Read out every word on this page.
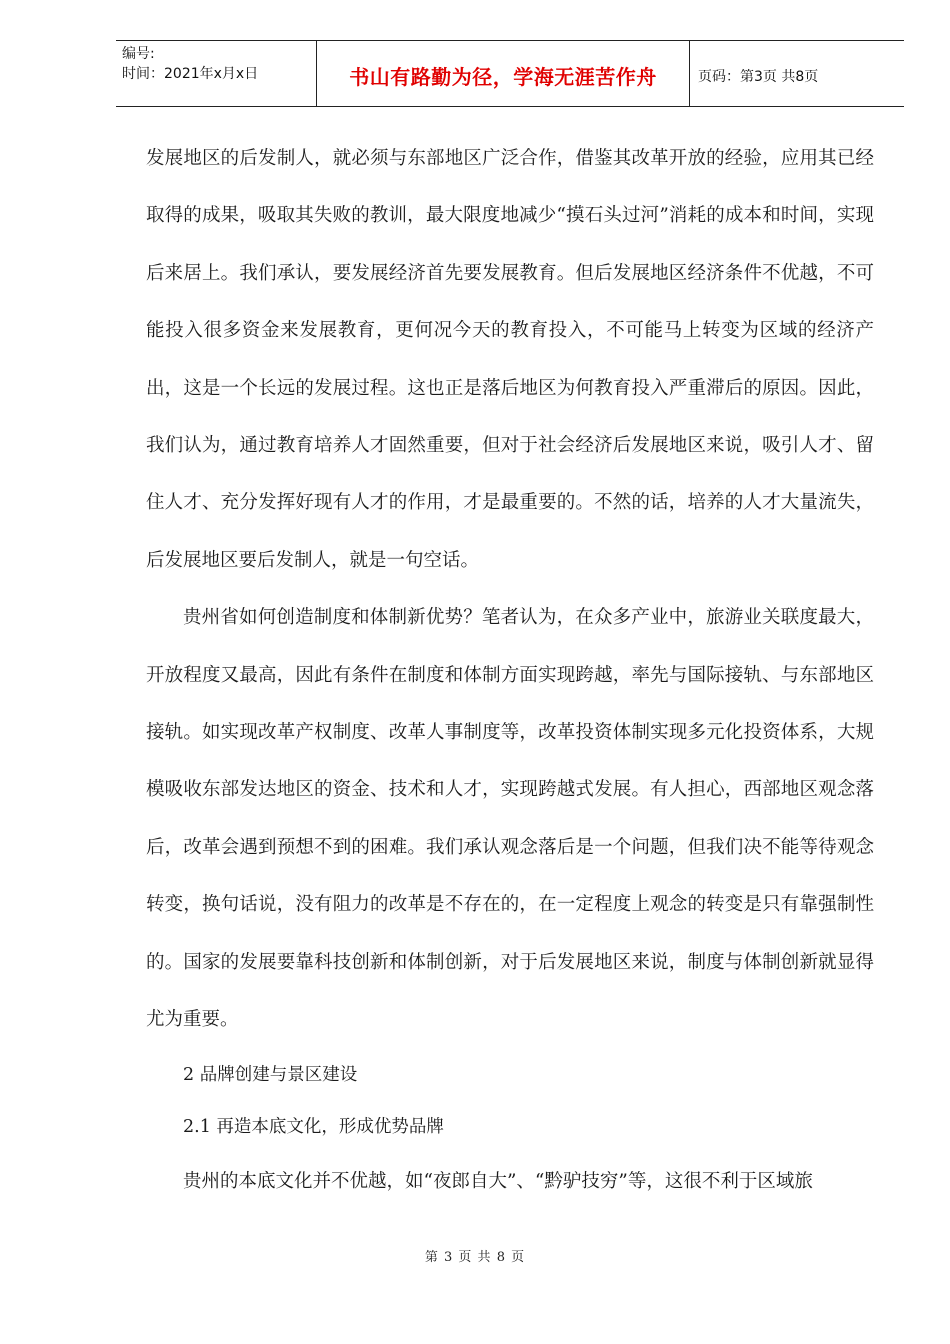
编号:
时间：2021年x月x日	书山有路勤为径，学海无涯苦作舟	页码：第3页 共8页

发展地区的后发制人，就必须与东部地区广泛合作，借鉴其改革开放的经验，应用其已经取得的成果，吸取其失败的教训，最大限度地减少“摸石头过河”消耗的成本和时间，实现后来居上。我们承认，要发展经济首先要发展教育。但后发展地区经济条件不优越，不可能投入很多资金来发展教育，更何况今天的教育投入，不可能马上转变为区域的经济产出，这是一个长远的发展过程。这也正是落后地区为何教育投入严重滞后的原因。因此，我们认为，通过教育培养人才固然重要，但对于社会经济后发展地区来说，吸引人才、留住人才、充分发挥好现有人才的作用，才是最重要的。不然的话，培养的人才大量流失，后发展地区要后发制人，就是一句空话。

贵州省如何创造制度和体制新优势？笔者认为，在众多产业中，旅游业关联度最大，开放程度又最高，因此有条件在制度和体制方面实现跨越，率先与国际接轨、与东部地区接轨。如实现改革产权制度、改革人事制度等，改革投资体制实现多元化投资体系，大规模吸收东部发达地区的资金、技术和人才，实现跨越式发展。有人担心，西部地区观念落后，改革会遇到预想不到的困难。我们承认观念落后是一个问题，但我们决不能等待观念转变，换句话说，没有阻力的改革是不存在的，在一定程度上观念的转变是只有靠强制性的。国家的发展要靠科技创新和体制创新，对于后发展地区来说，制度与体制创新就显得尤为重要。

2 品牌创建与景区建设

2.1 再造本底文化，形成优势品牌

贵州的本底文化并不优越，如“夜郎自大”、“黔驴技穷”等，这很不利于区域旅

第 3 页 共 8 页
